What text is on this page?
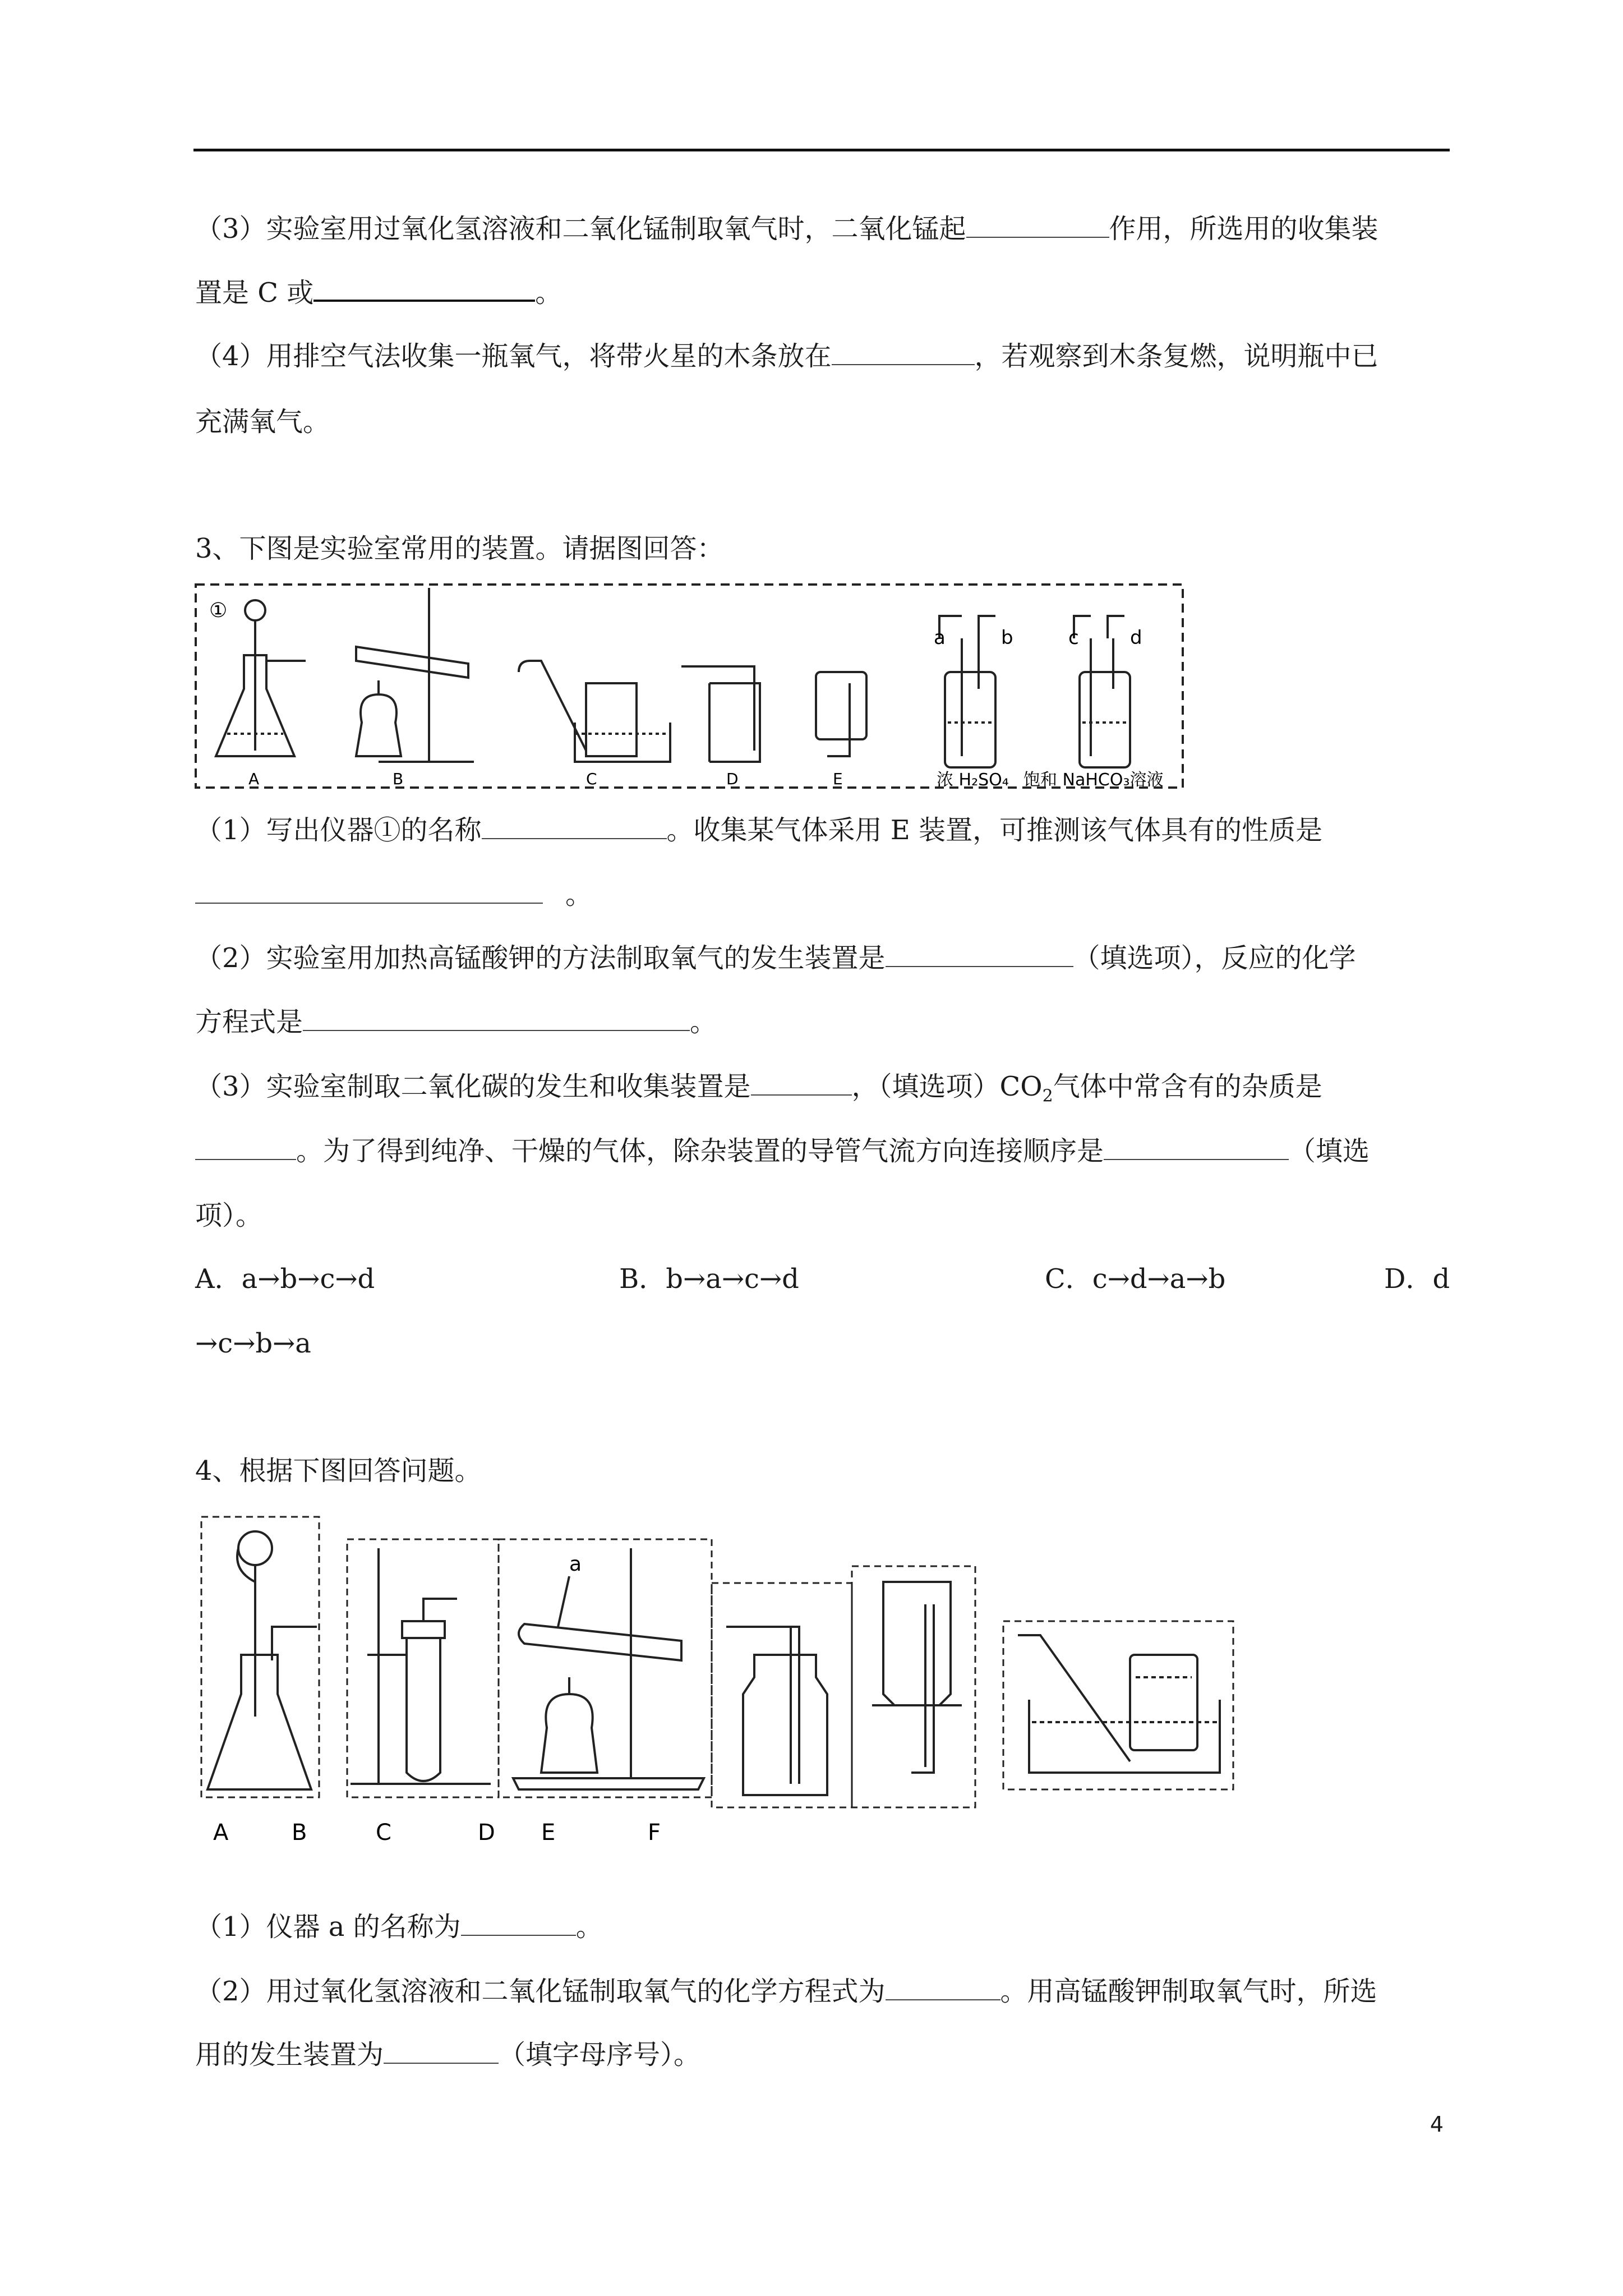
（3）实验室用过氧化氢溶液和二氧化锰制取氧气时，二氧化锰起	作用，所选用的收集装
置是 C 或	。
（4）用排空气法收集一瓶氧气，将带火星的木条放在	，若观察到木条复燃，说明瓶中已
充满氧气。
3、下图是实验室常用的装置。请据图回答：
①
a	b	c	d
A	B	C	D	E	浓 H₂SO₄ 饱和 NaHCO₃溶液
（1）写出仪器①的名称	。收集某气体采用 E 装置，可推测该气体具有的性质是
。
（2）实验室用加热高锰酸钾的方法制取氧气的发生装置是	（填选项），反应的化学
方程式是	。
（3）实验室制取二氧化碳的发生和收集装置是	，（填选项）$CO_2$气体中常含有的杂质是
。为了得到纯净、干燥的气体，除杂装置的导管气流方向连接顺序是	（填选
项）。
A．a→b→c→d	B．b→a→c→d	C．c→d→a→b	D．d
→c→b→a
4、根据下图回答问题。
a
A	B	C	D E	F
（1）仪器 a 的名称为	。
（2）用过氧化氢溶液和二氧化锰制取氧气的化学方程式为	。用高锰酸钾制取氧气时，所选
用的发生装置为	（填字母序号）。
4
